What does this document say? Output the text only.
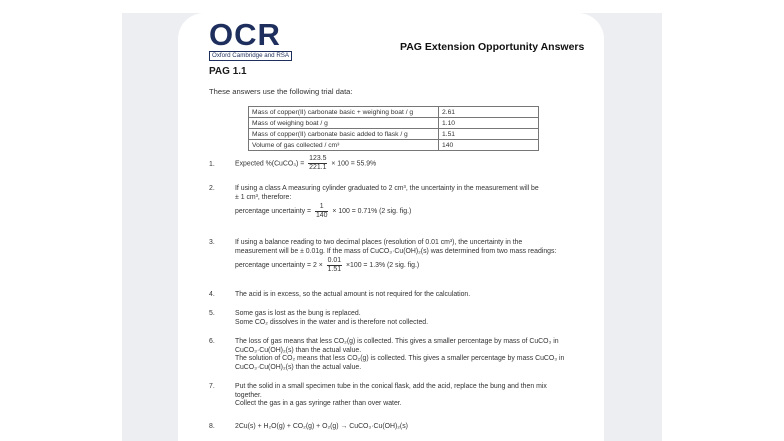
OCR
Oxford Cambridge and RSA
PAG Extension Opportunity Answers
PAG 1.1
These answers use the following trial data:
Mass of copper(II) carbonate basic + weighing boat / g	2.61
Mass of weighing boat / g	1.10
Mass of copper(II) carbonate basic added to flask / g	1.51
Volume of gas collected / cm³	140
1.	Expected %(CuCO₃) = $\frac{123.5}{221.1} \times 100 = 55.9\%$
2.	If using a class A measuring cylinder graduated to 2 cm³, the uncertainty in the measurement will be
± 1 cm³, therefore:
percentage uncertainty = $\frac{1}{140} \times 100 = 0.71\%$ (2 sig. fig.)
3.	If using a balance reading to two decimal places (resolution of 0.01 cm³), the uncertainty in the
measurement will be ± 0.01g. If the mass of CuCO₃·Cu(OH)₂(s) was determined from two mass readings:
percentage uncertainty = $2 \times \frac{0.01}{1.51} \times 100 = 1.3\%$ (2 sig. fig.)
4.	The acid is in excess, so the actual amount is not required for the calculation.
5.	Some gas is lost as the bung is replaced.
Some CO₂ dissolves in the water and is therefore not collected.
6.	The loss of gas means that less CO₂(g) is collected. This gives a smaller percentage by mass of CuCO₃ in
CuCO₃·Cu(OH)₂(s) than the actual value.
The solution of CO₂ means that less CO₂(g) is collected. This gives a smaller percentage by mass CuCO₃ in
CuCO₃·Cu(OH)₂(s) than the actual value.
7.	Put the solid in a small specimen tube in the conical flask, add the acid, replace the bung and then mix
together.
Collect the gas in a gas syringe rather than over water.
8.	2Cu(s) + H₂O(g) + CO₂(g) + O₂(g) → CuCO₃·Cu(OH)₂(s)
